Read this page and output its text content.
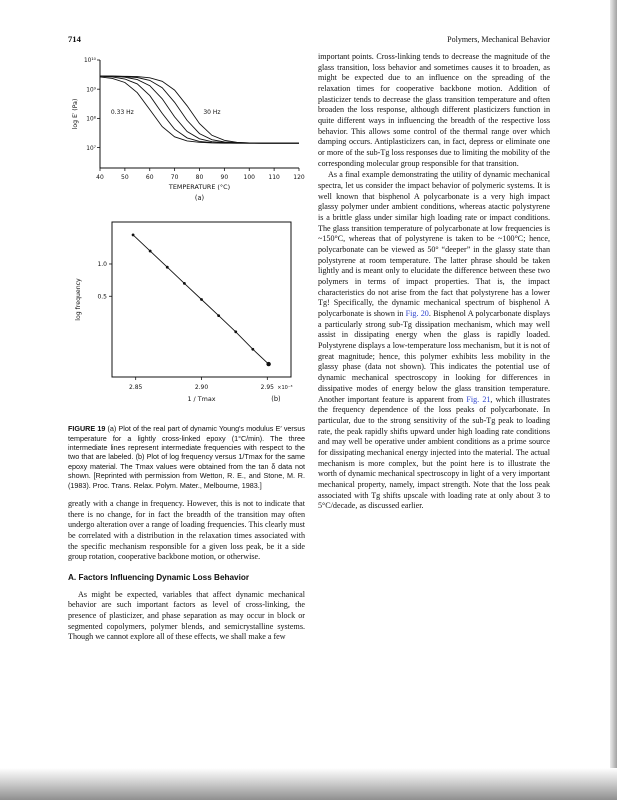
714	Polymers, Mechanical Behavior
40	50	60	70	80	90	100 110 120
10⁷
10⁸
10⁹
10¹⁰
0.33 Hz	30 Hz
TEMPERATURE (°C)
(a)
log E′ (Pa)
2.85	2.90	2.95 ×10⁻³
0.5
1.0
1 / Tmax	(b)
log frequency
FIGURE 19 (a) Plot of the real part of dynamic Young's modulus E′ versus temperature for a lightly cross-linked epoxy (1°C/min). The three intermediate lines represent intermediate frequencies with respect to the two that are labeled. (b) Plot of log frequency versus 1/Tmax for the same epoxy material. The Tmax values were obtained from the tan δ data not shown. [Reprinted with permission from Wetton, R. E., and Stone, M. R. (1983). Proc. Trans. Relax. Polym. Mater., Melbourne, 1983.]

greatly with a change in frequency. However, this is not to indicate that there is no change, for in fact the breadth of the transition may often undergo alteration over a range of loading frequencies. This clearly must be correlated with a distribution in the relaxation times associated with the specific mechanism responsible for a given loss peak, be it a side group rotation, cooperative backbone motion, or otherwise.

A. Factors Influencing Dynamic Loss Behavior

As might be expected, variables that affect dynamic mechanical behavior are such important factors as level of cross-linking, the presence of plasticizer, and phase separation as may occur in block or segmented copolymers, polymer blends, and semicrystalline systems. Though we cannot explore all of these effects, we shall make a few

important points. Cross-linking tends to decrease the magnitude of the glass transition, loss behavior and sometimes causes it to broaden, as might be expected due to an influence on the spreading of the relaxation times for cooperative backbone motion. Addition of plasticizer tends to decrease the glass transition temperature and often broaden the loss response, although different plasticizers function in quite different ways in influencing the breadth of the respective loss behavior. This allows some control of the thermal range over which damping occurs. Antiplasticizers can, in fact, depress or eliminate one or more of the sub-Tg loss responses due to limiting the mobility of the corresponding molecular group responsible for that transition.

As a final example demonstrating the utility of dynamic mechanical spectra, let us consider the impact behavior of polymeric systems. It is well known that bisphenol A polycarbonate is a very high impact glassy polymer under ambient conditions, whereas atactic polystyrene is a brittle glass under similar high loading rate or impact conditions. The glass transition temperature of polycarbonate at low frequencies is ~150°C, whereas that of polystyrene is taken to be ~100°C; hence, polycarbonate can be viewed as 50° “deeper” in the glassy state than polystyrene at room temperature. The latter phrase should be taken lightly and is meant only to elucidate the difference between these two polymers in terms of impact properties. That is, the impact characteristics do not arise from the fact that polystyrene has a lower Tg! Specifically, the dynamic mechanical spectrum of bisphenol A polycarbonate is shown in Fig. 20. Bisphenol A polycarbonate displays a particularly strong sub-Tg dissipation mechanism, which may well assist in dissipating energy when the glass is rapidly loaded. Polystyrene displays a low-temperature loss mechanism, but it is not of great magnitude; hence, this polymer exhibits less mobility in the glassy phase (data not shown). This indicates the potential use of dynamic mechanical spectroscopy in looking for differences in dissipative modes of energy below the glass transition temperature. Another important feature is apparent from Fig. 21, which illustrates the frequency dependence of the loss peaks of polycarbonate. In particular, due to the strong sensitivity of the sub-Tg peak to loading rate, the peak rapidly shifts upward under high loading rate conditions and may well be operative under ambient conditions as a prime source for dissipating mechanical energy injected into the material. The actual mechanism is more complex, but the point here is to illustrate the worth of dynamic mechanical spectroscopy in light of a very important mechanical property, namely, impact strength. Note that the loss peak associated with Tg shifts upscale with loading rate at only about 3 to 5°C/decade, as discussed earlier.
